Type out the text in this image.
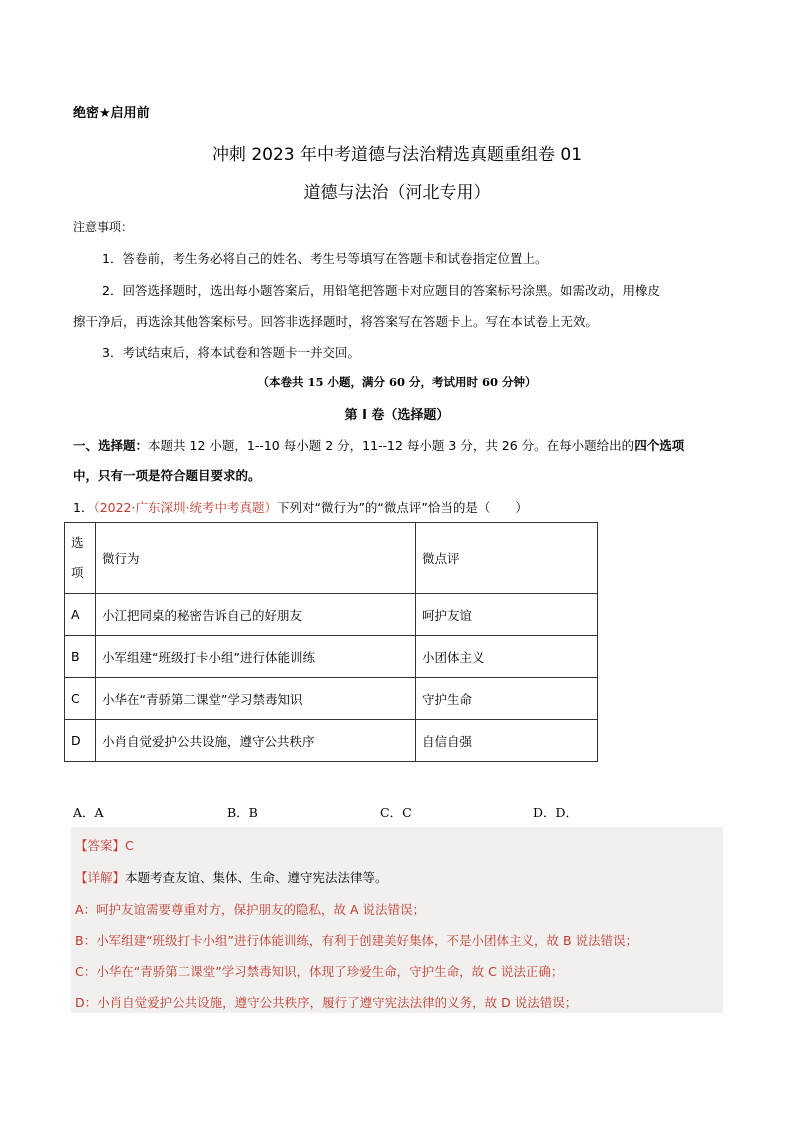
绝密★启用前
冲刺 2023 年中考道德与法治精选真题重组卷 01
道德与法治（河北专用）
注意事项：
1．答卷前，考生务必将自己的姓名、考生号等填写在答题卡和试卷指定位置上。
2．回答选择题时，选出每小题答案后，用铅笔把答题卡对应题目的答案标号涂黑。如需改动，用橡皮
擦干净后，再选涂其他答案标号。回答非选择题时，将答案写在答题卡上。写在本试卷上无效。
3．考试结束后，将本试卷和答题卡一并交回。
（本卷共 15 小题，满分 60 分，考试用时 60 分钟）
第 I 卷（选择题）
一、选择题：本题共 12 小题，1--10 每小题 2 分，11--12 每小题 3 分，共 26 分。在每小题给出的四个选项
中，只有一项是符合题目要求的。
1．（2022·广东深圳·统考中考真题）下列对“微行为”的“微点评”恰当的是（　　）
选
项	微行为	微点评
A	小江把同桌的秘密告诉自己的好朋友	呵护友谊
B	小军组建“班级打卡小组”进行体能训练	小团体主义
C	小华在“青骄第二课堂”学习禁毒知识	守护生命
D	小肖自觉爱护公共设施，遵守公共秩序	自信自强
A．A	B．B	C．C	D．D．
【答案】C
【详解】本题考查友谊、集体、生命、遵守宪法法律等。
A：呵护友谊需要尊重对方，保护朋友的隐私，故 A 说法错误；
B：小军组建“班级打卡小组”进行体能训练，有利于创建美好集体，不是小团体主义，故 B 说法错误；
C：小华在“青骄第二课堂”学习禁毒知识，体现了珍爱生命，守护生命，故 C 说法正确；
D：小肖自觉爱护公共设施，遵守公共秩序，履行了遵守宪法法律的义务，故 D 说法错误；
